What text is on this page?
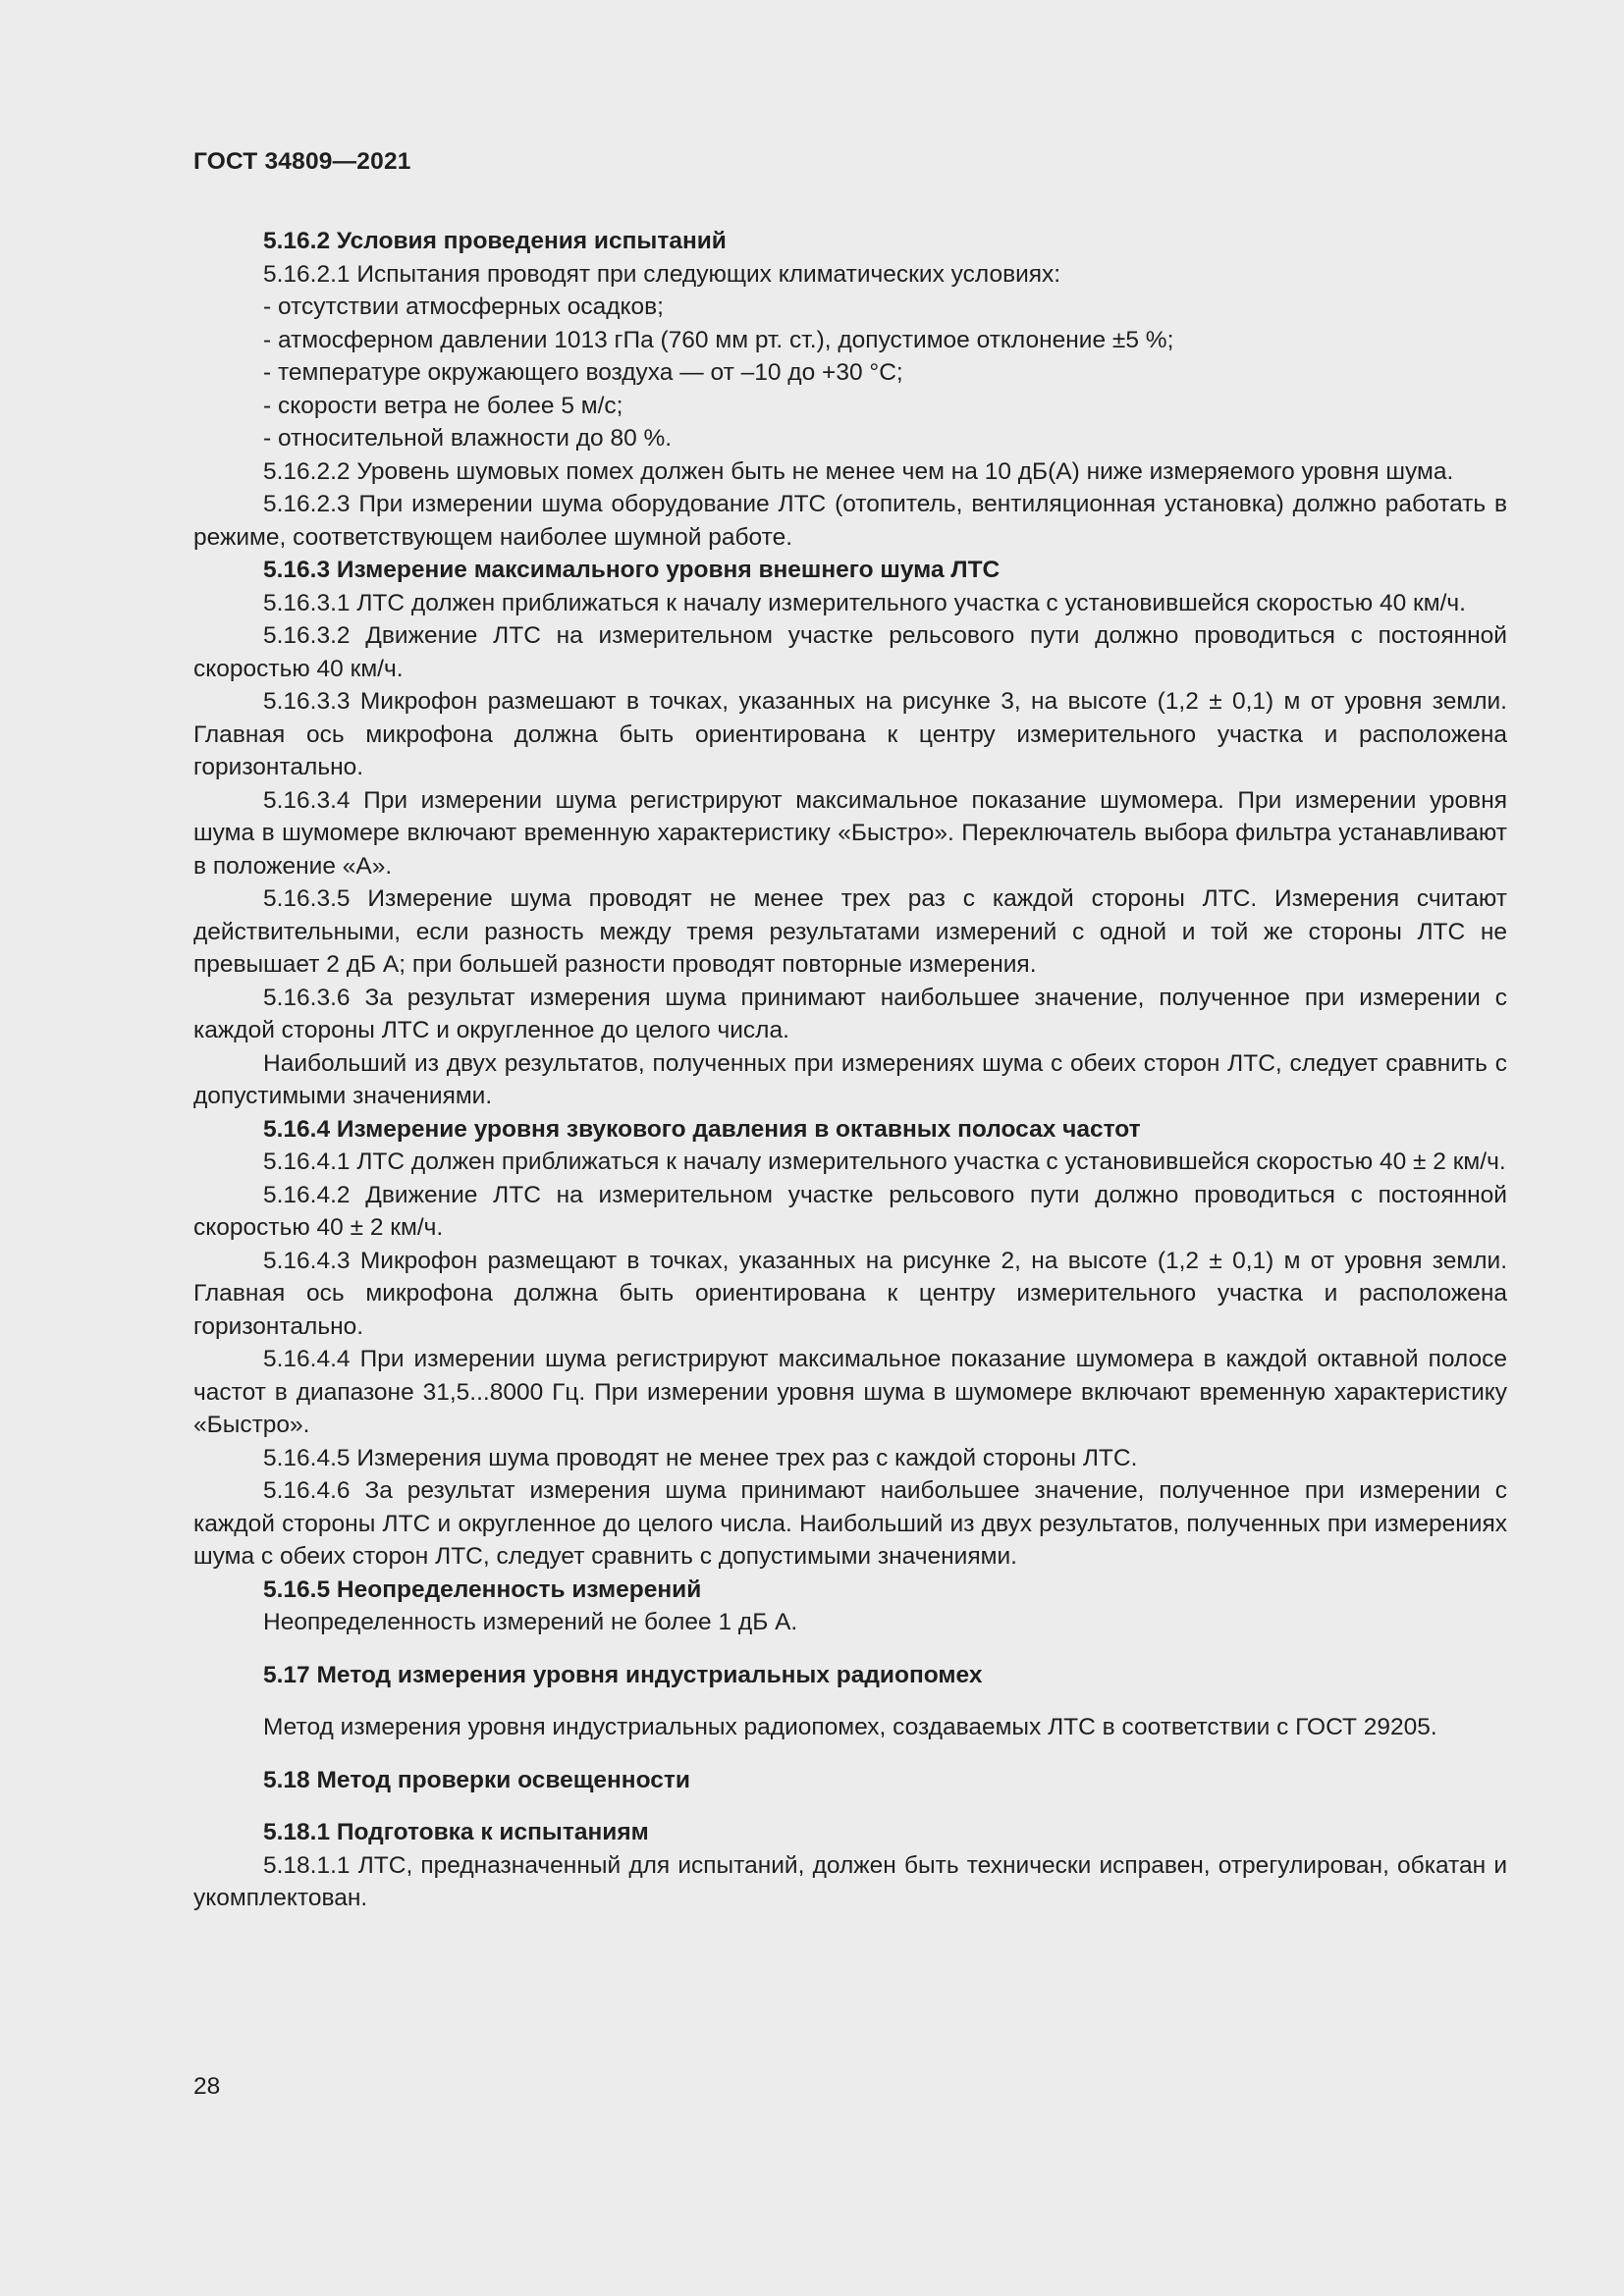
ГОСТ 34809—2021

5.16.2 Условия проведения испытаний

5.16.2.1 Испытания проводят при следующих климатических условиях:

- отсутствии атмосферных осадков;

- атмосферном давлении 1013 гПа (760 мм рт. ст.), допустимое отклонение ±5 %;

- температуре окружающего воздуха — от –10 до +30 °С;

- скорости ветра не более 5 м/с;

- относительной влажности до 80 %.

5.16.2.2 Уровень шумовых помех должен быть не менее чем на 10 дБ(А) ниже измеряемого уровня шума.

5.16.2.3 При измерении шума оборудование ЛТС (отопитель, вентиляционная установка) должно работать в режиме, соответствующем наиболее шумной работе.

5.16.3 Измерение максимального уровня внешнего шума ЛТС

5.16.3.1 ЛТС должен приближаться к началу измерительного участка с установившейся скоростью 40 км/ч.

5.16.3.2 Движение ЛТС на измерительном участке рельсового пути должно проводиться с постоянной скоростью 40 км/ч.

5.16.3.3 Микрофон размешают в точках, указанных на рисунке 3, на высоте (1,2 ± 0,1) м от уровня земли. Главная ось микрофона должна быть ориентирована к центру измерительного участка и расположена горизонтально.

5.16.3.4 При измерении шума регистрируют максимальное показание шумомера. При измерении уровня шума в шумомере включают временную характеристику «Быстро». Переключатель выбора фильтра устанавливают в положение «А».

5.16.3.5 Измерение шума проводят не менее трех раз с каждой стороны ЛТС. Измерения считают действительными, если разность между тремя результатами измерений с одной и той же стороны ЛТС не превышает 2 дБ А; при большей разности проводят повторные измерения.

5.16.3.6 За результат измерения шума принимают наибольшее значение, полученное при измерении с каждой стороны ЛТС и округленное до целого числа.

Наибольший из двух результатов, полученных при измерениях шума с обеих сторон ЛТС, следует сравнить с допустимыми значениями.

5.16.4 Измерение уровня звукового давления в октавных полосах частот

5.16.4.1 ЛТС должен приближаться к началу измерительного участка с установившейся скоростью 40 ± 2 км/ч.

5.16.4.2 Движение ЛТС на измерительном участке рельсового пути должно проводиться с постоянной скоростью 40 ± 2 км/ч.

5.16.4.3 Микрофон размещают в точках, указанных на рисунке 2, на высоте (1,2 ± 0,1) м от уровня земли. Главная ось микрофона должна быть ориентирована к центру измерительного участка и расположена горизонтально.

5.16.4.4 При измерении шума регистрируют максимальное показание шумомера в каждой октавной полосе частот в диапазоне 31,5...8000 Гц. При измерении уровня шума в шумомере включают временную характеристику «Быстро».

5.16.4.5 Измерения шума проводят не менее трех раз с каждой стороны ЛТС.

5.16.4.6 За результат измерения шума принимают наибольшее значение, полученное при измерении с каждой стороны ЛТС и округленное до целого числа. Наибольший из двух результатов, полученных при измерениях шума с обеих сторон ЛТС, следует сравнить с допустимыми значениями.

5.16.5 Неопределенность измерений

Неопределенность измерений не более 1 дБ А.

5.17 Метод измерения уровня индустриальных радиопомех

Метод измерения уровня индустриальных радиопомех, создаваемых ЛТС в соответствии с ГОСТ 29205.

5.18 Метод проверки освещенности

5.18.1 Подготовка к испытаниям

5.18.1.1 ЛТС, предназначенный для испытаний, должен быть технически исправен, отрегулирован, обкатан и укомплектован.

28
